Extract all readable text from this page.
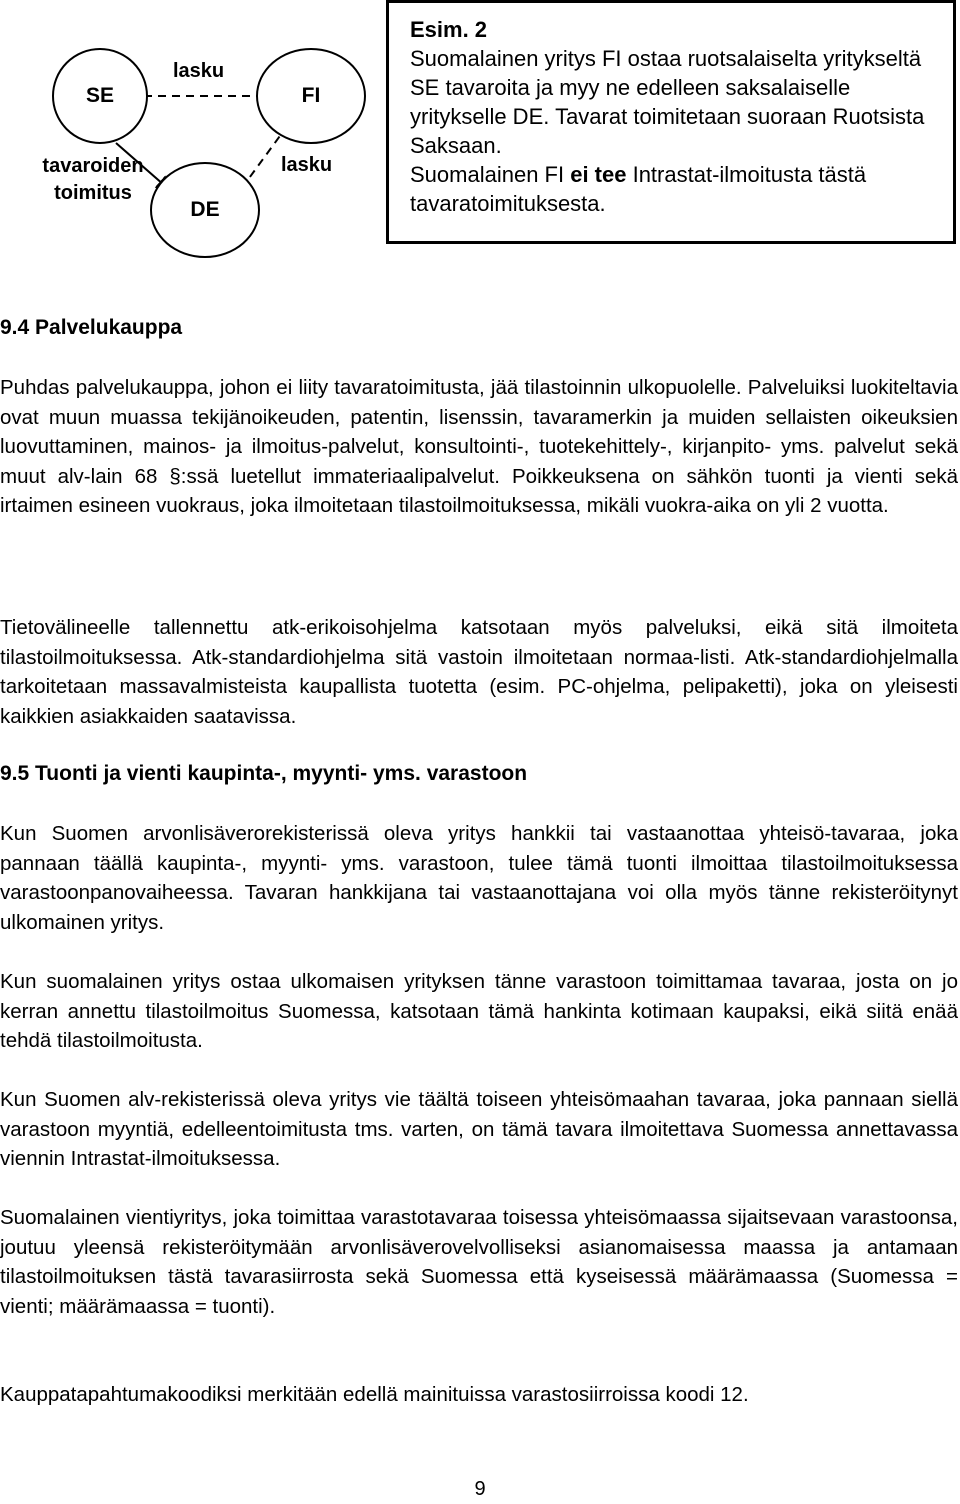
SE	FI
DE
lasku
lasku
tavaroiden
toimitus
Esim. 2

Suomalainen yritys FI ostaa ruotsalaiselta yritykseltä SE tavaroita ja myy ne edelleen saksalaiselle yritykselle DE. Tavarat toimitetaan suoraan Ruotsista Saksaan.

Suomalainen FI ei tee Intrastat-ilmoitusta tästä tavaratoimituksesta.

9.4 Palvelukauppa

Puhdas palvelukauppa, johon ei liity tavaratoimitusta, jää tilastoinnin ulkopuolelle. Palveluiksi luokiteltavia ovat muun muassa tekijänoikeuden, patentin, lisenssin, tavaramerkin ja muiden sellaisten oikeuksien luovuttaminen, mainos- ja ilmoitus-palvelut, konsultointi-, tuotekehittely-, kirjanpito- yms. palvelut sekä muut alv-lain 68 §:ssä luetellut immateriaalipalvelut. Poikkeuksena on sähkön tuonti ja vienti sekä irtaimen esineen vuokraus, joka ilmoitetaan tilastoilmoituksessa, mikäli vuokra-aika on yli 2 vuotta.

Tietovälineelle tallennettu atk-erikoisohjelma katsotaan myös palveluksi, eikä sitä ilmoiteta tilastoilmoituksessa. Atk-standardiohjelma sitä vastoin ilmoitetaan normaa-listi. Atk-standardiohjelmalla tarkoitetaan massavalmisteista kaupallista tuotetta (esim. PC-ohjelma, pelipaketti), joka on yleisesti kaikkien asiakkaiden saatavissa.

9.5 Tuonti ja vienti kaupinta-, myynti- yms. varastoon

Kun Suomen arvonlisäverorekisterissä oleva yritys hankkii tai vastaanottaa yhteisö-tavaraa, joka pannaan täällä kaupinta-, myynti- yms. varastoon, tulee tämä tuonti ilmoittaa tilastoilmoituksessa varastoonpanovaiheessa. Tavaran hankkijana tai vastaanottajana voi olla myös tänne rekisteröitynyt ulkomainen yritys.

Kun suomalainen yritys ostaa ulkomaisen yrityksen tänne varastoon toimittamaa tavaraa, josta on jo kerran annettu tilastoilmoitus Suomessa, katsotaan tämä hankinta kotimaan kaupaksi, eikä siitä enää tehdä tilastoilmoitusta.

Kun Suomen alv-rekisterissä oleva yritys vie täältä toiseen yhteisömaahan tavaraa, joka pannaan siellä varastoon myyntiä, edelleentoimitusta tms. varten, on tämä tavara ilmoitettava Suomessa annettavassa viennin Intrastat-ilmoituksessa.

Suomalainen vientiyritys, joka toimittaa varastotavaraa toisessa yhteisömaassa sijaitsevaan varastoonsa, joutuu yleensä rekisteröitymään arvonlisäverovelvolliseksi asianomaisessa maassa ja antamaan tilastoilmoituksen tästä tavarasiirrosta sekä Suomessa että kyseisessä määrämaassa (Suomessa = vienti; määrämaassa = tuonti).

Kauppatapahtumakoodiksi merkitään edellä mainituissa varastosiirroissa koodi 12.

9
